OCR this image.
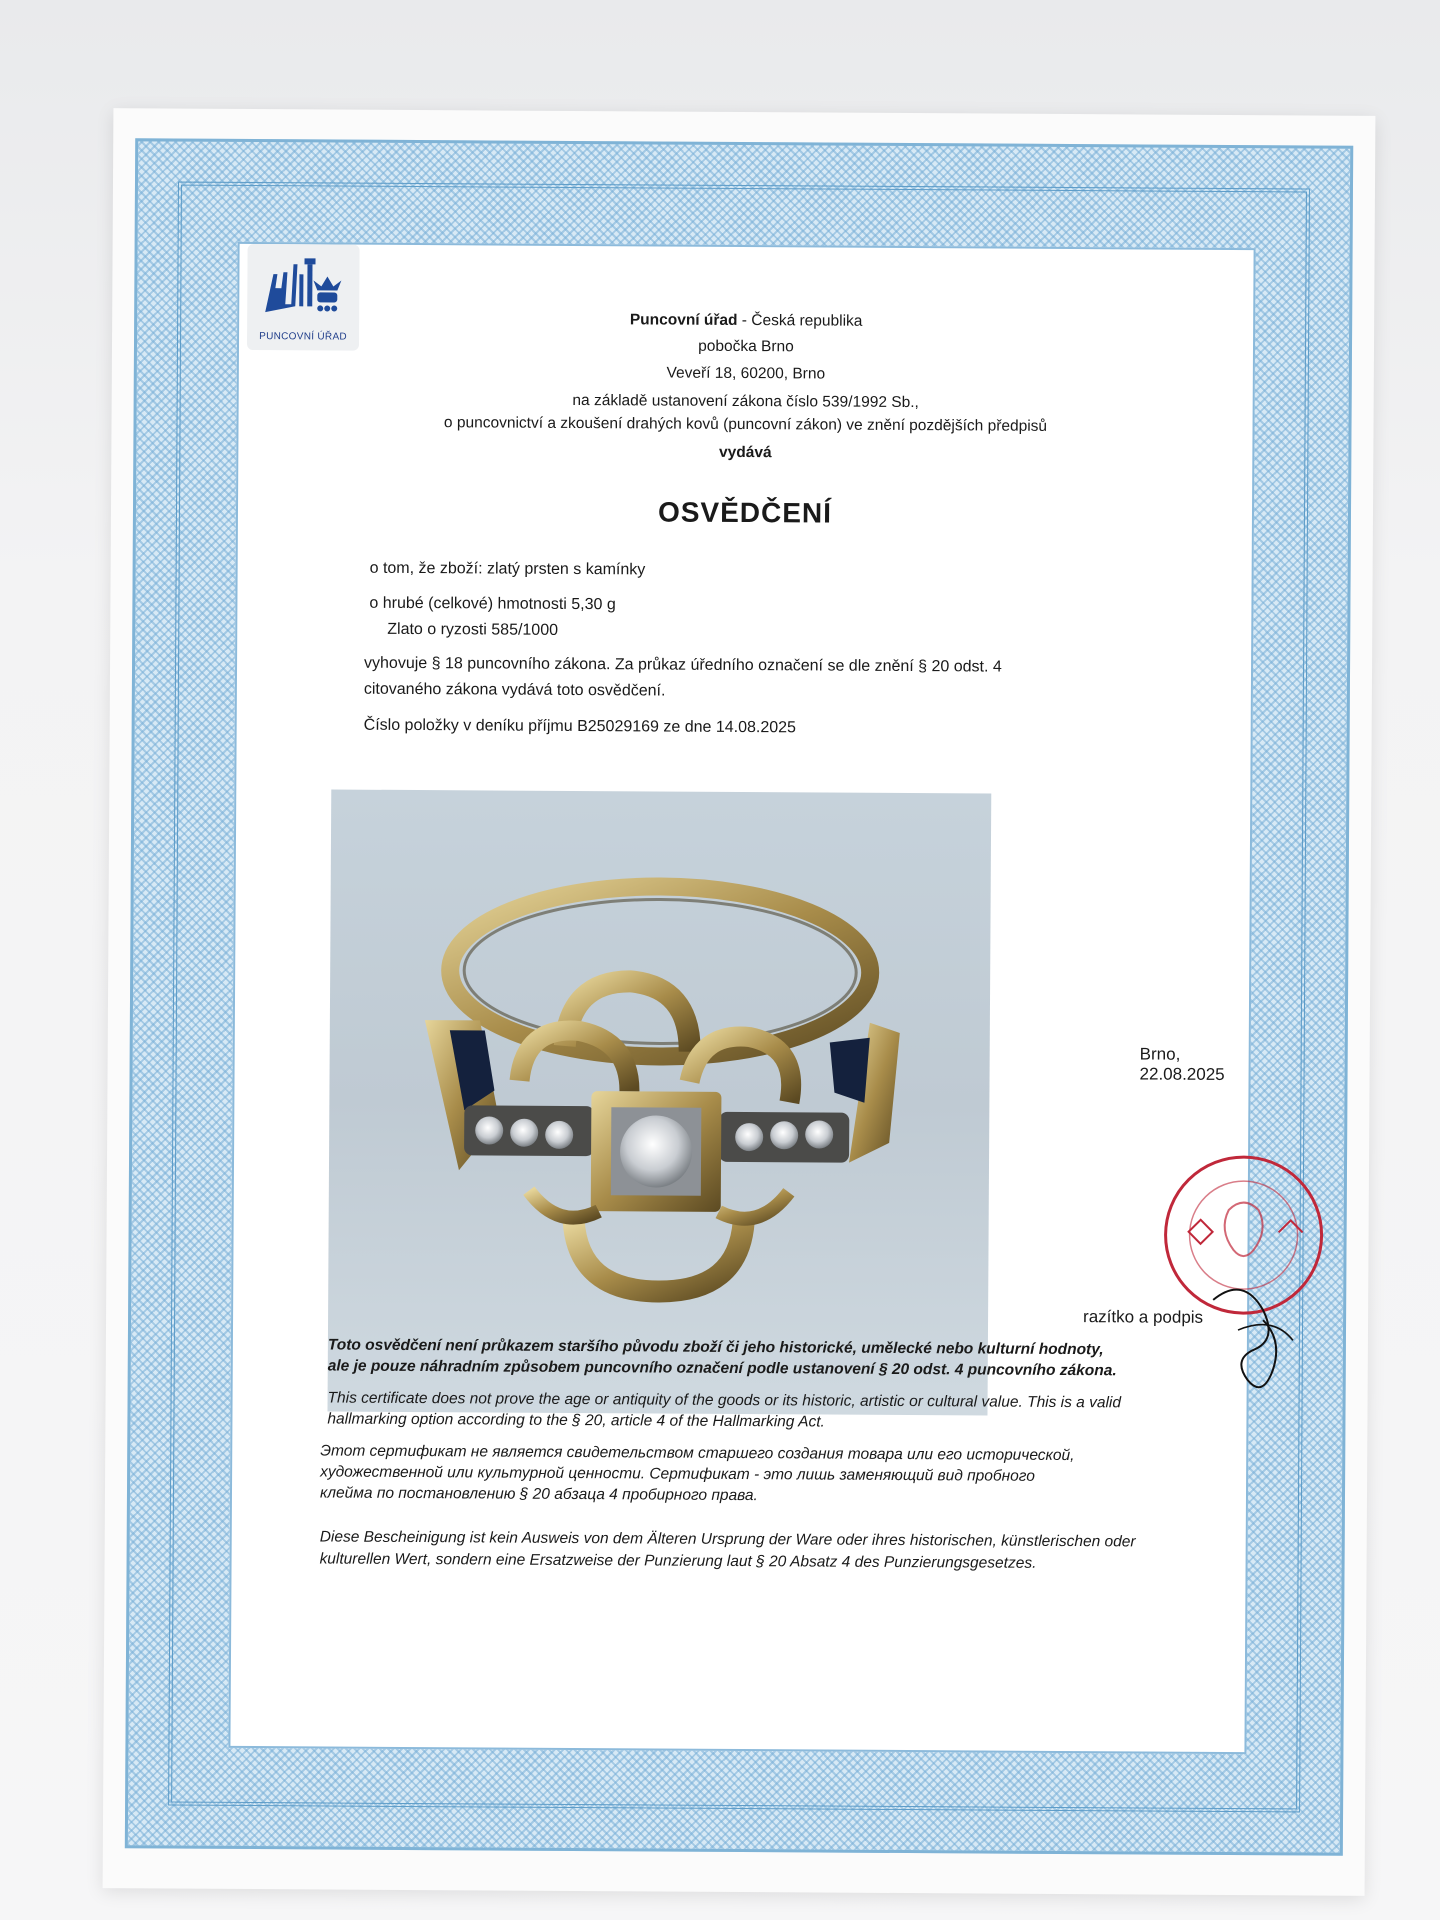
PUNCOVNÍ ÚŘAD
Puncovní úřad - Česká republika
pobočka Brno
Veveří 18, 60200, Brno
na základě ustanovení zákona číslo 539/1992 Sb.,
o puncovnictví a zkoušení drahých kovů (puncovní zákon) ve znění pozdějších předpisů
vydává
OSVĚDČENÍ
o tom, že zboží: zlatý prsten s kamínky
o hrubé (celkové) hmotnosti 5,30 g
Zlato o ryzosti 585/1000
vyhovuje § 18 puncovního zákona. Za průkaz úředního označení se dle znění § 20 odst. 4
citovaného zákona vydává toto osvědčení.
Číslo položky v deníku příjmu B25029169 ze dne 14.08.2025
Brno, 22.08.2025
razítko a podpis
Toto osvědčení není průkazem staršího původu zboží či jeho historické, umělecké nebo kulturní hodnoty,
ale je pouze náhradním způsobem puncovního označení podle ustanovení § 20 odst. 4 puncovního zákona.
This certificate does not prove the age or antiquity of the goods or its historic, artistic or cultural value. This is a valid
hallmarking option according to the § 20, article 4 of the Hallmarking Act.
Этот сертификат не является свидетельством старшего создания товара или его исторической,
художественной или культурной ценности. Сертификат - это лишь заменяющий вид пробного
клейма по постановлению § 20 абзаца 4 пробирного права.
Diese Bescheinigung ist kein Ausweis von dem Älteren Ursprung der Ware oder ihres historischen, künstlerischen oder
kulturellen Wert, sondern eine Ersatzweise der Punzierung laut § 20 Absatz 4 des Punzierungsgesetzes.
